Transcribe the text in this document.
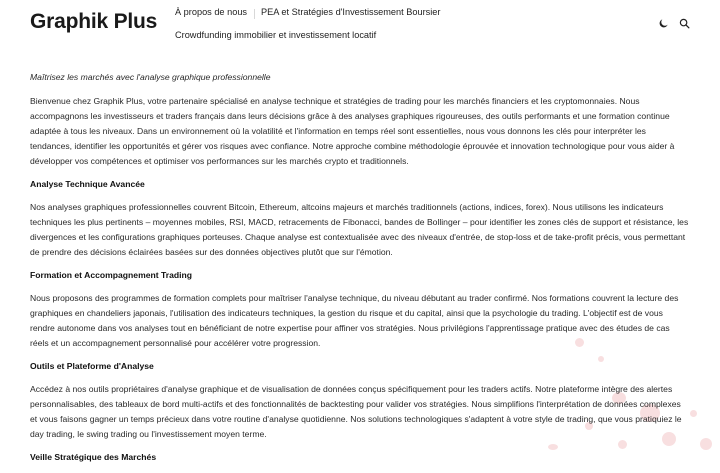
Graphik Plus À propos de nous PEA et Stratégies d'Investissement Boursier
Crowdfunding immobilier et investissement locatif

Maîtrisez les marchés avec l'analyse graphique professionnelle

Bienvenue chez Graphik Plus, votre partenaire spécialisé en analyse technique et stratégies de trading pour les marchés financiers et les cryptomonnaies. Nous accompagnons les investisseurs et traders français dans leurs décisions grâce à des analyses graphiques rigoureuses, des outils performants et une formation continue adaptée à tous les niveaux. Dans un environnement où la volatilité et l'information en temps réel sont essentielles, nous vous donnons les clés pour interpréter les tendances, identifier les opportunités et gérer vos risques avec confiance. Notre approche combine méthodologie éprouvée et innovation technologique pour vous aider à développer vos compétences et optimiser vos performances sur les marchés crypto et traditionnels.

Analyse Technique Avancée

Nos analyses graphiques professionnelles couvrent Bitcoin, Ethereum, altcoins majeurs et marchés traditionnels (actions, indices, forex). Nous utilisons les indicateurs techniques les plus pertinents – moyennes mobiles, RSI, MACD, retracements de Fibonacci, bandes de Bollinger – pour identifier les zones clés de support et résistance, les divergences et les configurations graphiques porteuses. Chaque analyse est contextualisée avec des niveaux d'entrée, de stop-loss et de take-profit précis, vous permettant de prendre des décisions éclairées basées sur des données objectives plutôt que sur l'émotion.

Formation et Accompagnement Trading

Nous proposons des programmes de formation complets pour maîtriser l'analyse technique, du niveau débutant au trader confirmé. Nos formations couvrent la lecture des graphiques en chandeliers japonais, l'utilisation des indicateurs techniques, la gestion du risque et du capital, ainsi que la psychologie du trading. L'objectif est de vous rendre autonome dans vos analyses tout en bénéficiant de notre expertise pour affiner vos stratégies. Nous privilégions l'apprentissage pratique avec des études de cas réels et un accompagnement personnalisé pour accélérer votre progression.

Outils et Plateforme d'Analyse

Accédez à nos outils propriétaires d'analyse graphique et de visualisation de données conçus spécifiquement pour les traders actifs. Notre plateforme intègre des alertes personnalisables, des tableaux de bord multi-actifs et des fonctionnalités de backtesting pour valider vos stratégies. Nous simplifions l'interprétation de données complexes et vous faisons gagner un temps précieux dans votre routine d'analyse quotidienne. Nos solutions technologiques s'adaptent à votre style de trading, que vous pratiquiez le day trading, le swing trading ou l'investissement moyen terme.

Veille Stratégique des Marchés
